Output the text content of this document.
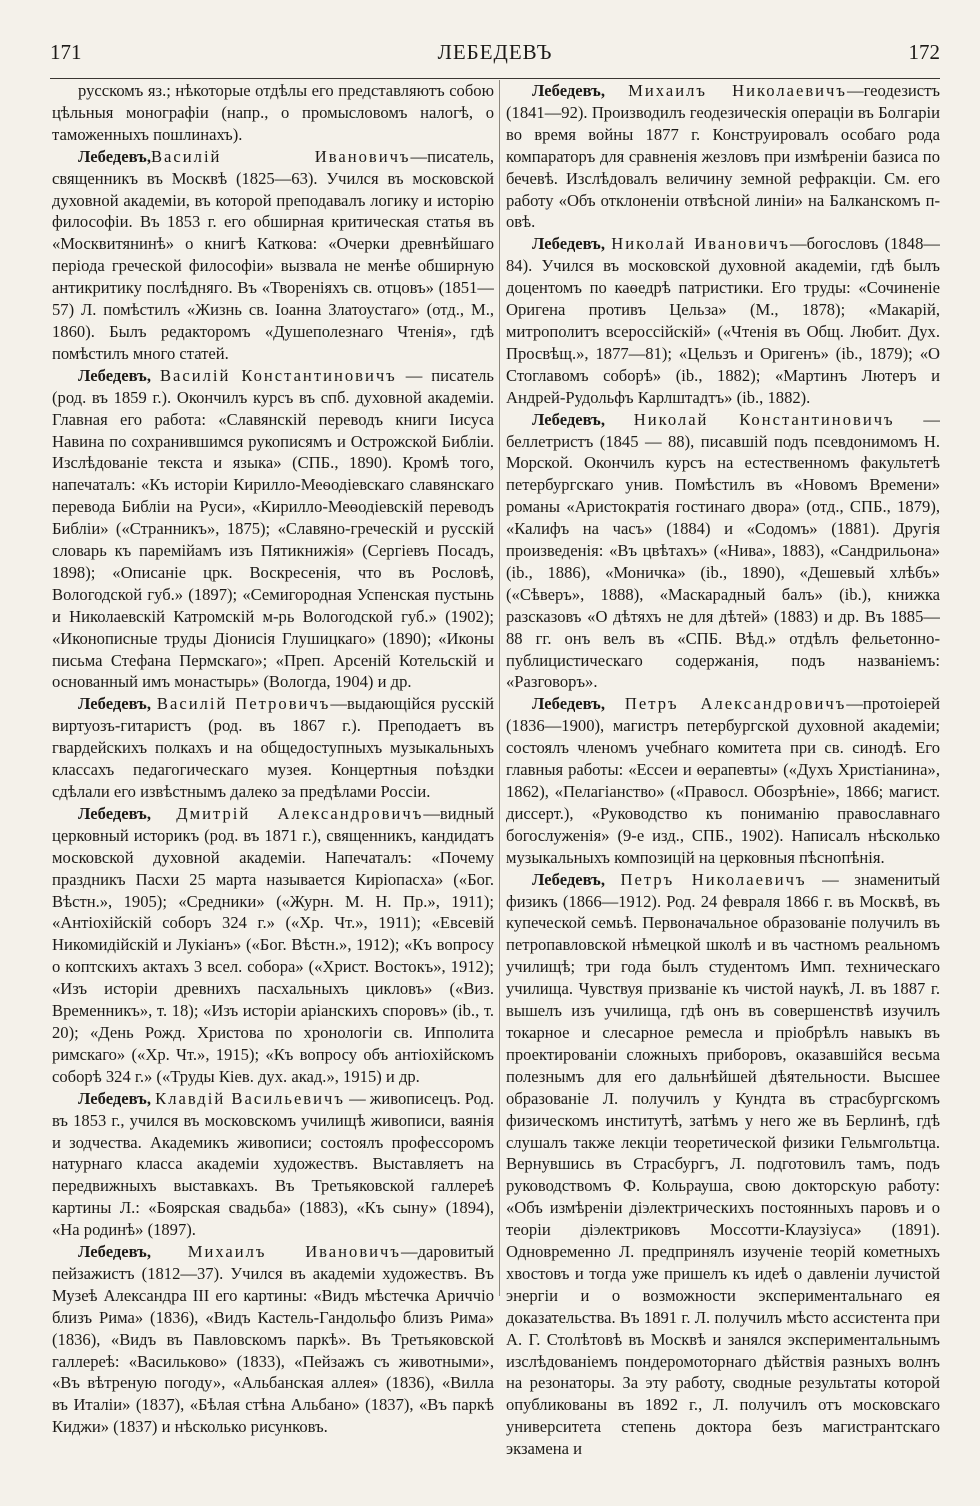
171	ЛЕБЕДЕВЪ	172

русскомъ яз.; нѣкоторые отдѣлы его представляютъ собою цѣльныя монографіи (напр., о промысловомъ налогѣ, о таможенныхъ пошлинахъ).

Лебедевъ,Василій Ивановичъ—писатель, священникъ въ Москвѣ (1825—63). Учился въ московской духовной академіи, въ которой преподавалъ логику и исторію философіи. Въ 1853 г. его обширная критическая статья въ «Москвитянинѣ» о книгѣ Каткова: «Очерки древнѣйшаго періода греческой философіи» вызвала не менѣе обширную антикритику послѣдняго. Въ «Твореніяхъ св. отцовъ» (1851—57) Л. помѣстилъ «Жизнь св. Іоанна Златоустаго» (отд., М., 1860). Былъ редакторомъ «Душеполезнаго Чтенія», гдѣ помѣстилъ много статей.

Лебедевъ, Василій Константиновичъ — писатель (род. въ 1859 г.). Окончилъ курсъ въ спб. духовной академіи. Главная его работа: «Славянскій переводъ книги Іисуса Навина по сохранившимся рукописямъ и Острожской Библіи. Изслѣдованіе текста и языка» (СПБ., 1890). Кромѣ того, напечаталъ: «Къ исторіи Кирилло-Меѳодіевскаго славянскаго перевода Библіи на Руси», «Кирилло-Меѳодіевскій переводъ Библіи» («Странникъ», 1875); «Славяно-греческій и русскій словарь къ паремійамъ изъ Пятикнижія» (Сергіевъ Посадъ, 1898); «Описаніе црк. Воскресенія, что въ Рословѣ, Вологодской губ.» (1897); «Семигородная Успенская пустынь и Николаевскій Катромскій м-рь Вологодской губ.» (1902); «Иконописные труды Діонисія Глушицкаго» (1890); «Иконы письма Стефана Пермскаго»; «Преп. Арсеній Котельскій и основанный имъ монастырь» (Вологда, 1904) и др.

Лебедевъ, Василій Петровичъ—выдающійся русскій виртуозъ-гитаристъ (род. въ 1867 г.). Преподаетъ въ гвардейскихъ полкахъ и на общедоступныхъ музыкальныхъ классахъ педагогическаго музея. Концертныя поѣздки сдѣлали его извѣстнымъ далеко за предѣлами Россіи.

Лебедевъ, Дмитрій Александровичъ—видный церковный историкъ (род. въ 1871 г.), священникъ, кандидатъ московской духовной академіи. Напечаталъ: «Почему праздникъ Пасхи 25 марта называется Киріопасха» («Бог. Вѣстн.», 1905); «Средники» («Журн. М. Н. Пр.», 1911); «Антіохійскій соборъ 324 г.» («Хр. Чт.», 1911); «Евсевій Никомидійскій и Лукіанъ» («Бог. Вѣстн.», 1912); «Къ вопросу о коптскихъ актахъ 3 всел. собора» («Христ. Востокъ», 1912); «Изъ исторіи древнихъ пасхальныхъ цикловъ» («Виз. Временникъ», т. 18); «Изъ исторіи аріанскихъ споровъ» (ib., т. 20); «День Рожд. Христова по хронологіи св. Ипполита римскаго» («Хр. Чт.», 1915); «Къ вопросу объ антіохійскомъ соборѣ 324 г.» («Труды Кіев. дух. акад.», 1915) и др.

Лебедевъ, Клавдій Васильевичъ — живописецъ. Род. въ 1853 г., учился въ московскомъ училищѣ живописи, ваянія и зодчества. Академикъ живописи; состоялъ профессоромъ натурнаго класса академіи художествъ. Выставляетъ на передвижныхъ выставкахъ. Въ Третьяковской галлереѣ картины Л.: «Боярская свадьба» (1883), «Къ сыну» (1894), «На родинѣ» (1897).

Лебедевъ, Михаилъ Ивановичъ—даровитый пейзажистъ (1812—37). Учился въ академіи художествъ. Въ Музеѣ Александра III его картины: «Видъ мѣстечка Ариччіо близъ Рима» (1836), «Видъ Кастель-Гандольфо близъ Рима» (1836), «Видъ въ Павловскомъ паркѣ». Въ Третьяковской галлереѣ: «Васильково» (1833), «Пейзажъ съ животными», «Въ вѣтреную погоду», «Альбанская аллея» (1836), «Вилла въ Италіи» (1837), «Бѣлая стѣна Альбано» (1837), «Въ паркѣ Киджи» (1837) и нѣсколько рисунковъ.

Лебедевъ, Михаилъ Николаевичъ—геодезистъ (1841—92). Производилъ геодезическія операціи въ Болгаріи во время войны 1877 г. Конструировалъ особаго рода компараторъ для сравненія жезловъ при измѣреніи базиса по бечевѣ. Изслѣдовалъ величину земной рефракціи. См. его работу «Объ отклоненіи отвѣсной линіи» на Балканскомъ п-овѣ.

Лебедевъ, Николай Ивановичъ—богословъ (1848—84). Учился въ московской духовной академіи, гдѣ былъ доцентомъ по каѳедрѣ патристики. Его труды: «Сочиненіе Оригена противъ Цельза» (М., 1878); «Макарій, митрополитъ всероссійскій» («Чтенія въ Общ. Любит. Дух. Просвѣщ.», 1877—81); «Цельзъ и Оригенъ» (ib., 1879); «О Стоглавомъ соборѣ» (ib., 1882); «Мартинъ Лютеръ и Андрей-Рудольфъ Карлштадтъ» (ib., 1882).

Лебедевъ, Николай Константиновичъ — беллетристъ (1845 — 88), писавшій подъ псевдонимомъ Н. Морской. Окончилъ курсъ на естественномъ факультетѣ петербургскаго унив. Помѣстилъ въ «Новомъ Времени» романы «Аристократія гостинаго двора» (отд., СПБ., 1879), «Калифъ на часъ» (1884) и «Содомъ» (1881). Другія произведенія: «Въ цвѣтахъ» («Нива», 1883), «Сандрильона» (ib., 1886), «Моничка» (ib., 1890), «Дешевый хлѣбъ» («Сѣверъ», 1888), «Маскарадный балъ» (ib.), книжка разсказовъ «О дѣтяхъ не для дѣтей» (1883) и др. Въ 1885—88 гг. онъ велъ въ «СПБ. Вѣд.» отдѣлъ фельетонно-публицистическаго содержанія, подъ названіемъ: «Разговоръ».

Лебедевъ, Петръ Александровичъ—протоіерей (1836—1900), магистръ петербургской духовной академіи; состоялъ членомъ учебнаго комитета при св. синодѣ. Его главныя работы: «Ессеи и ѳерапевты» («Духъ Христіанина», 1862), «Пелагіанство» («Правосл. Обозрѣніе», 1866; магист. диссерт.), «Руководство къ пониманію православнаго богослуженія» (9-е изд., СПБ., 1902). Написалъ нѣсколько музыкальныхъ композицій на церковныя пѣснопѣнія.

Лебедевъ, Петръ Николаевичъ — знаменитый физикъ (1866—1912). Род. 24 февраля 1866 г. въ Москвѣ, въ купеческой семьѣ. Первоначальное образованіе получилъ въ петропавловской нѣмецкой школѣ и въ частномъ реальномъ училищѣ; три года былъ студентомъ Имп. техническаго училища. Чувствуя призваніе къ чистой наукѣ, Л. въ 1887 г. вышелъ изъ училища, гдѣ онъ въ совершенствѣ изучилъ токарное и слесарное ремесла и пріобрѣлъ навыкъ въ проектированіи сложныхъ приборовъ, оказавшійся весьма полезнымъ для его дальнѣйшей дѣятельности. Высшее образованіе Л. получилъ у Кундта въ страсбургскомъ физическомъ институтѣ, затѣмъ у него же въ Берлинѣ, гдѣ слушалъ также лекціи теоретической физики Гельмгольтца. Вернувшись въ Страсбургъ, Л. подготовилъ тамъ, подъ руководствомъ Ф. Кольрауша, свою докторскую работу: «Объ измѣреніи діэлектрическихъ постоянныхъ паровъ и о теоріи діэлектриковъ Моссотти-Клаузіуса» (1891). Одновременно Л. предпринялъ изученіе теорій кометныхъ хвостовъ и тогда уже пришелъ къ идеѣ о давленіи лучистой энергіи и о возможности экспериментальнаго ея доказательства. Въ 1891 г. Л. получилъ мѣсто ассистента при А. Г. Столѣтовѣ въ Москвѣ и занялся экспериментальнымъ изслѣдованіемъ пондеромоторнаго дѣйствія разныхъ волнъ на резонаторы. За эту работу, сводные результаты которой опубликованы въ 1892 г., Л. получилъ отъ московскаго университета степень доктора безъ магистрантскаго экзамена и
